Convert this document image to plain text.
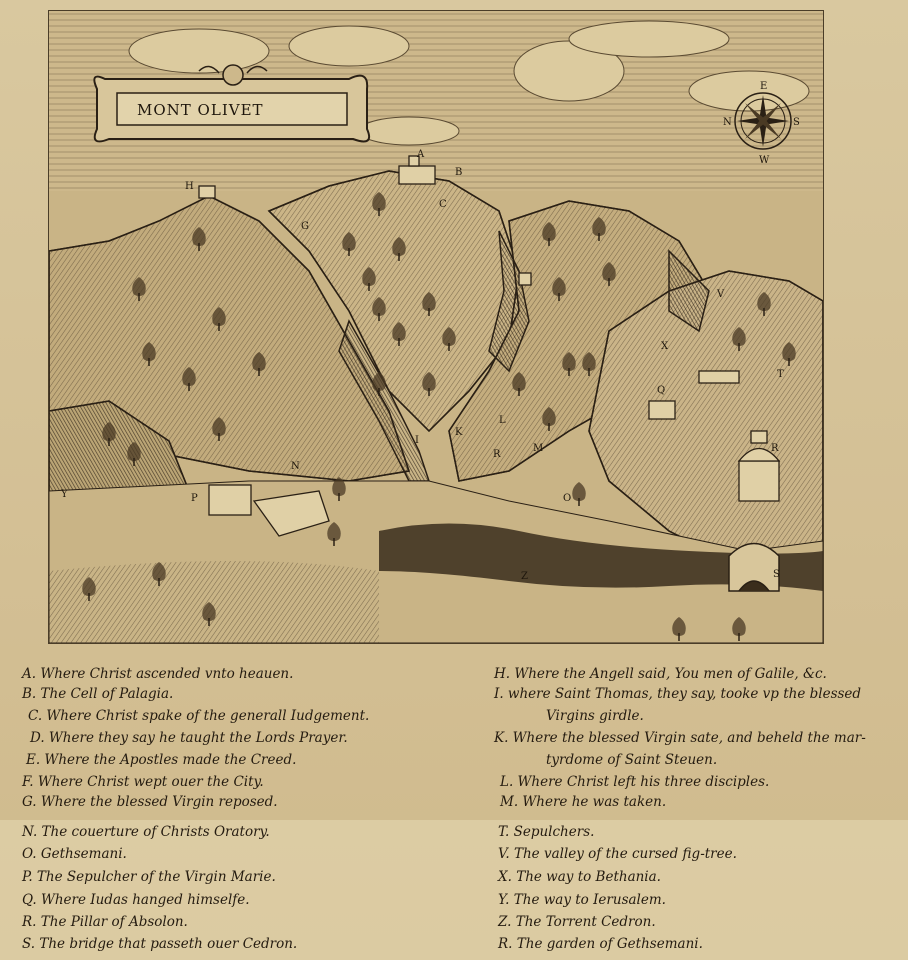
MONT OLIVET
E
S
W
N
A
B
C
G
H
I
K
L
M
N
O
P
Q
R
R
S
T
V
X
Y
Z
A. Where Christ ascended vnto heauen.
B. The Cell of Palagia.
C. Where Christ spake of the generall Iudgement.
D. Where they say he taught the Lords Prayer.
E. Where the Apostles made the Creed.
F. Where Christ wept ouer the City.
G. Where the blessed Virgin reposed.
H. Where the Angell said, You men of Galile, &c.
I. where Saint Thomas, they say, tooke vp the blessed
Virgins girdle.
K. Where the blessed Virgin sate, and beheld the mar-
tyrdome of Saint Steuen.
L. Where Christ left his three disciples.
M. Where he was taken.
N. The couerture of Christs Oratory.
O. Gethsemani.
P. The Sepulcher of the Virgin Marie.
Q. Where Iudas hanged himselfe.
R. The Pillar of Absolon.
S. The bridge that passeth ouer Cedron.
T. Sepulchers.
V. The valley of the cursed fig-tree.
X. The way to Bethania.
Y. The way to Ierusalem.
Z. The Torrent Cedron.
R. The garden of Gethsemani.
